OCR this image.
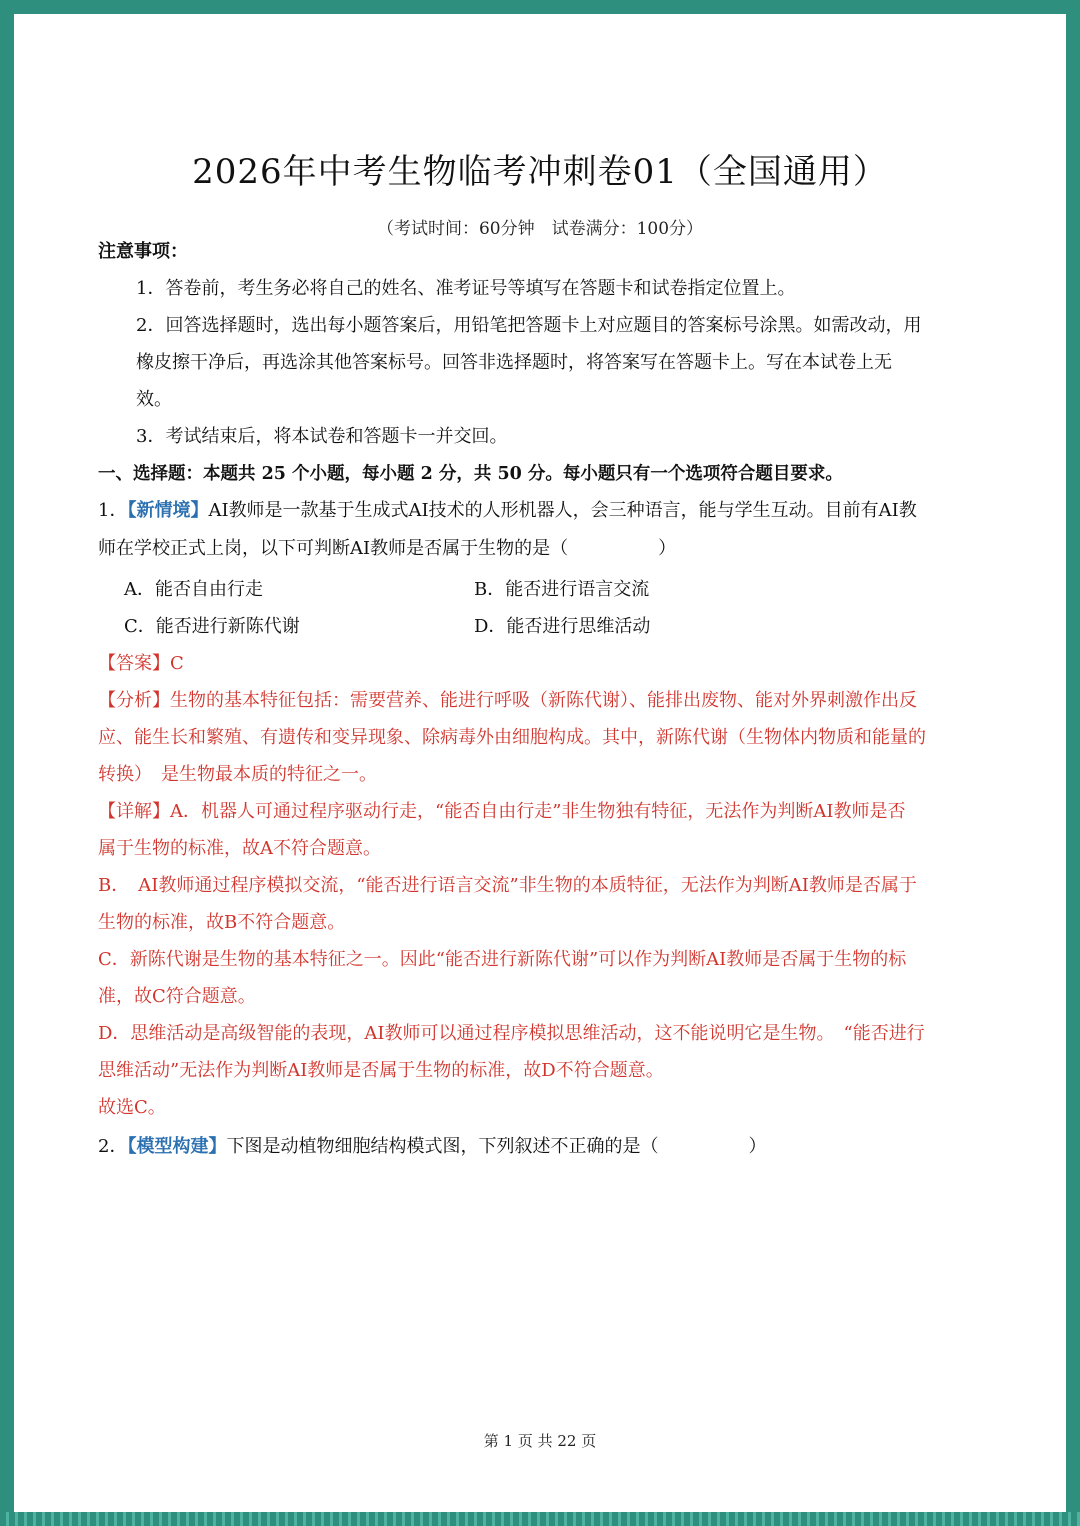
2026年中考生物临考冲刺卷01（全国通用）
（考试时间：60分钟　试卷满分：100分）
注意事项：
1．答卷前，考生务必将自己的姓名、准考证号等填写在答题卡和试卷指定位置上。
2．回答选择题时，选出每小题答案后，用铅笔把答题卡上对应题目的答案标号涂黑。如需改动，用
橡皮擦干净后，再选涂其他答案标号。回答非选择题时，将答案写在答题卡上。写在本试卷上无
效。
3．考试结束后，将本试卷和答题卡一并交回。
一、选择题：本题共 25 个小题，每小题 2 分，共 50 分。每小题只有一个选项符合题目要求。
1．【新情境】AI教师是一款基于生成式AI技术的人形机器人，会三种语言，能与学生互动。目前有AI教
师在学校正式上岗，以下可判断AI教师是否属于生物的是（　　　　　）
A．能否自由行走	B．能否进行语言交流
C．能否进行新陈代谢	D．能否进行思维活动
【答案】C
【分析】生物的基本特征包括：需要营养、能进行呼吸（新陈代谢）、能排出废物、能对外界刺激作出反
应、能生长和繁殖、有遗传和变异现象、除病毒外由细胞构成。其中，新陈代谢（生物体内物质和能量的
转换）　是生物最本质的特征之一。
【详解】A．机器人可通过程序驱动行走，“能否自由行走”非生物独有特征，无法作为判断AI教师是否
属于生物的标准，故A不符合题意。
B．　AI教师通过程序模拟交流，“能否进行语言交流”非生物的本质特征，无法作为判断AI教师是否属于
生物的标准，故B不符合题意。
C．新陈代谢是生物的基本特征之一。因此“能否进行新陈代谢”可以作为判断AI教师是否属于生物的标
准，故C符合题意。
D．思维活动是高级智能的表现，AI教师可以通过程序模拟思维活动，这不能说明它是生物。　“能否进行
思维活动”无法作为判断AI教师是否属于生物的标准，故D不符合题意。
故选C。
2．【模型构建】下图是动植物细胞结构模式图，下列叙述不正确的是（　　　　　）
第 1 页 共 22 页
